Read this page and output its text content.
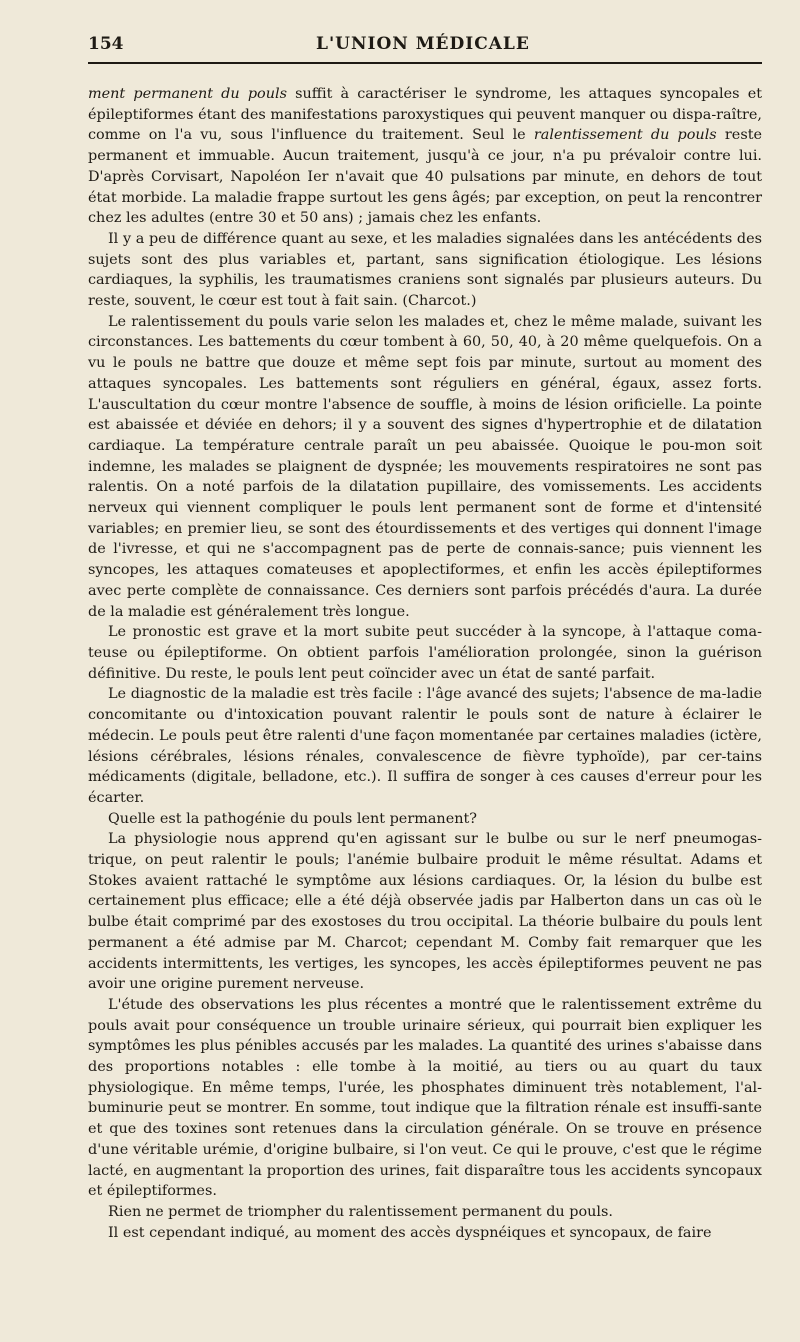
154	L'UNION MÉDICALE

ment permanent du pouls suffit à caractériser le syndrome, les attaques syncopales et épileptiformes étant des manifestations paroxystiques qui peuvent manquer ou dispa-raître, comme on l'a vu, sous l'influence du traitement. Seul le ralentissement du pouls reste permanent et immuable. Aucun traitement, jusqu'à ce jour, n'a pu prévaloir contre lui. D'après Corvisart, Napoléon Ier n'avait que 40 pulsations par minute, en dehors de tout état morbide. La maladie frappe surtout les gens âgés; par exception, on peut la rencontrer chez les adultes (entre 30 et 50 ans) ; jamais chez les enfants.

Il y a peu de différence quant au sexe, et les maladies signalées dans les antécédents des sujets sont des plus variables et, partant, sans signification étiologique. Les lésions cardiaques, la syphilis, les traumatismes craniens sont signalés par plusieurs auteurs. Du reste, souvent, le cœur est tout à fait sain. (Charcot.)

Le ralentissement du pouls varie selon les malades et, chez le même malade, suivant les circonstances. Les battements du cœur tombent à 60, 50, 40, à 20 même quelquefois. On a vu le pouls ne battre que douze et même sept fois par minute, surtout au moment des attaques syncopales. Les battements sont réguliers en général, égaux, assez forts. L'auscultation du cœur montre l'absence de souffle, à moins de lésion orificielle. La pointe est abaissée et déviée en dehors; il y a souvent des signes d'hypertrophie et de dilatation cardiaque. La température centrale paraît un peu abaissée. Quoique le pou-mon soit indemne, les malades se plaignent de dyspnée; les mouvements respiratoires ne sont pas ralentis. On a noté parfois de la dilatation pupillaire, des vomissements. Les accidents nerveux qui viennent compliquer le pouls lent permanent sont de forme et d'intensité variables; en premier lieu, se sont des étourdissements et des vertiges qui donnent l'image de l'ivresse, et qui ne s'accompagnent pas de perte de connais-sance; puis viennent les syncopes, les attaques comateuses et apoplectiformes, et enfin les accès épileptiformes avec perte complète de connaissance. Ces derniers sont parfois précédés d'aura. La durée de la maladie est généralement très longue.

Le pronostic est grave et la mort subite peut succéder à la syncope, à l'attaque coma-teuse ou épileptiforme. On obtient parfois l'amélioration prolongée, sinon la guérison définitive. Du reste, le pouls lent peut coïncider avec un état de santé parfait.

Le diagnostic de la maladie est très facile : l'âge avancé des sujets; l'absence de ma-ladie concomitante ou d'intoxication pouvant ralentir le pouls sont de nature à éclairer le médecin. Le pouls peut être ralenti d'une façon momentanée par certaines maladies (ictère, lésions cérébrales, lésions rénales, convalescence de fièvre typhoïde), par cer-tains médicaments (digitale, belladone, etc.). Il suffira de songer à ces causes d'erreur pour les écarter.

Quelle est la pathogénie du pouls lent permanent?

La physiologie nous apprend qu'en agissant sur le bulbe ou sur le nerf pneumogas-trique, on peut ralentir le pouls; l'anémie bulbaire produit le même résultat. Adams et Stokes avaient rattaché le symptôme aux lésions cardiaques. Or, la lésion du bulbe est certainement plus efficace; elle a été déjà observée jadis par Halberton dans un cas où le bulbe était comprimé par des exostoses du trou occipital. La théorie bulbaire du pouls lent permanent a été admise par M. Charcot; cependant M. Comby fait remarquer que les accidents intermittents, les vertiges, les syncopes, les accès épileptiformes peuvent ne pas avoir une origine purement nerveuse.

L'étude des observations les plus récentes a montré que le ralentissement extrême du pouls avait pour conséquence un trouble urinaire sérieux, qui pourrait bien expliquer les symptômes les plus pénibles accusés par les malades. La quantité des urines s'abaisse dans des proportions notables : elle tombe à la moitié, au tiers ou au quart du taux physiologique. En même temps, l'urée, les phosphates diminuent très notablement, l'al-buminurie peut se montrer. En somme, tout indique que la filtration rénale est insuffi-sante et que des toxines sont retenues dans la circulation générale. On se trouve en présence d'une véritable urémie, d'origine bulbaire, si l'on veut. Ce qui le prouve, c'est que le régime lacté, en augmentant la proportion des urines, fait disparaître tous les accidents syncopaux et épileptiformes.

Rien ne permet de triompher du ralentissement permanent du pouls.

Il est cependant indiqué, au moment des accès dyspnéiques et syncopaux, de faire
